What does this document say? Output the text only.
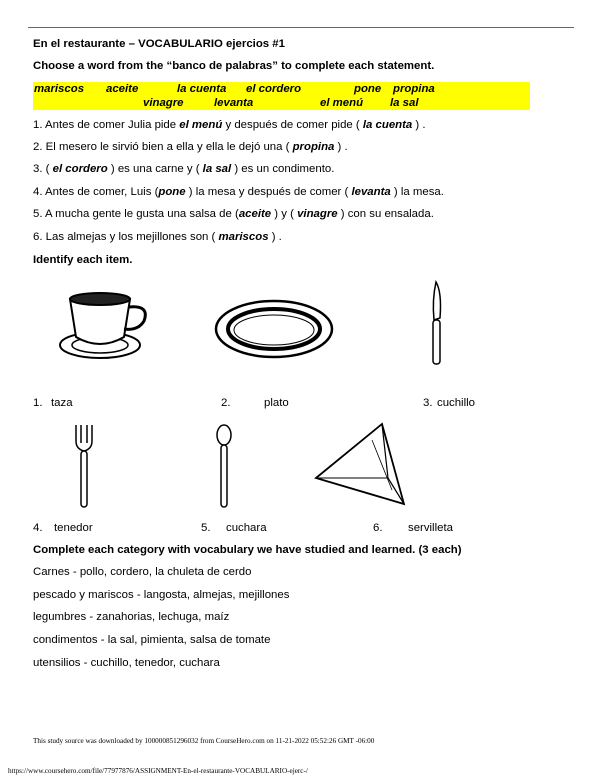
En el restaurante – VOCABULARIO ejercios #1
Choose a word from the “banco de palabras” to complete each statement.
mariscos aceite	la cuenta el cordero	pone propina
vinagre	levanta	el menú la sal
1. Antes de comer Julia pide el menú y después de comer pide ( la cuenta ) .
2. El mesero le sirvió bien a ella y ella le dejó una ( propina ) .
3. ( el cordero ) es una carne y ( la sal ) es un condimento.
4. Antes de comer, Luis (pone ) la mesa y después de comer ( levanta ) la mesa.
5. A mucha gente le gusta una salsa de (aceite ) y ( vinagre ) con su ensalada.
6. Las almejas y los mejillones son ( mariscos ) .
Identify each item.
1. taza	2.	plato	3. cuchillo
4. tenedor	5. cuchara	6. servilleta
Complete each category with vocabulary we have studied and learned. (3 each)
Carnes - pollo, cordero, la chuleta de cerdo
pescado y mariscos - langosta, almejas, mejillones
legumbres - zanahorias, lechuga, maíz
condimentos - la sal, pimienta, salsa de tomate
utensilios - cuchillo, tenedor, cuchara
This study source was downloaded by 100000851296032 from CourseHero.com on 11-21-2022 05:52:26 GMT -06:00
https://www.coursehero.com/file/77977876/ASSIGNMENT-En-el-restaurante-VOCABULARIO-ejerc-/
